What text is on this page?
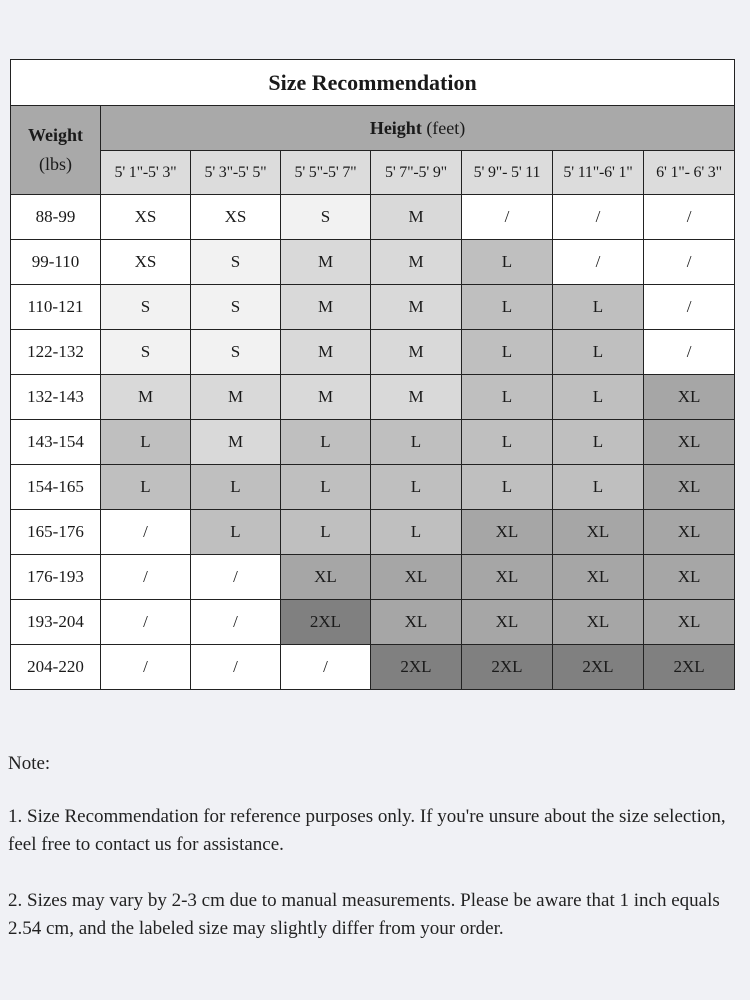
Size Recommendation							
Weight
(lbs)	Height (feet)						
	5' 1"-5' 3"	5' 3"-5' 5"	5' 5"-5' 7"	5' 7"-5' 9"	5' 9"- 5' 11	5' 11"-6' 1"	6' 1"- 6' 3"
88-99	XS	XS	S	M	/	/	/
99-110	XS	S	M	M	L	/	/
110-121	S	S	M	M	L	L	/
122-132	S	S	M	M	L	L	/
132-143	M	M	M	M	L	L	XL
143-154	L	M	L	L	L	L	XL
154-165	L	L	L	L	L	L	XL
165-176	/	L	L	L	XL	XL	XL
176-193	/	/	XL	XL	XL	XL	XL
193-204	/	/	2XL	XL	XL	XL	XL
204-220	/	/	/	2XL	2XL	2XL	2XL

Note:

1. Size Recommendation for reference purposes only. If you're unsure about the size selection, feel free to contact us for assistance.

2. Sizes may vary by 2-3 cm due to manual measurements. Please be aware that 1 inch equals 2.54 cm, and the labeled size may slightly differ from your order.
